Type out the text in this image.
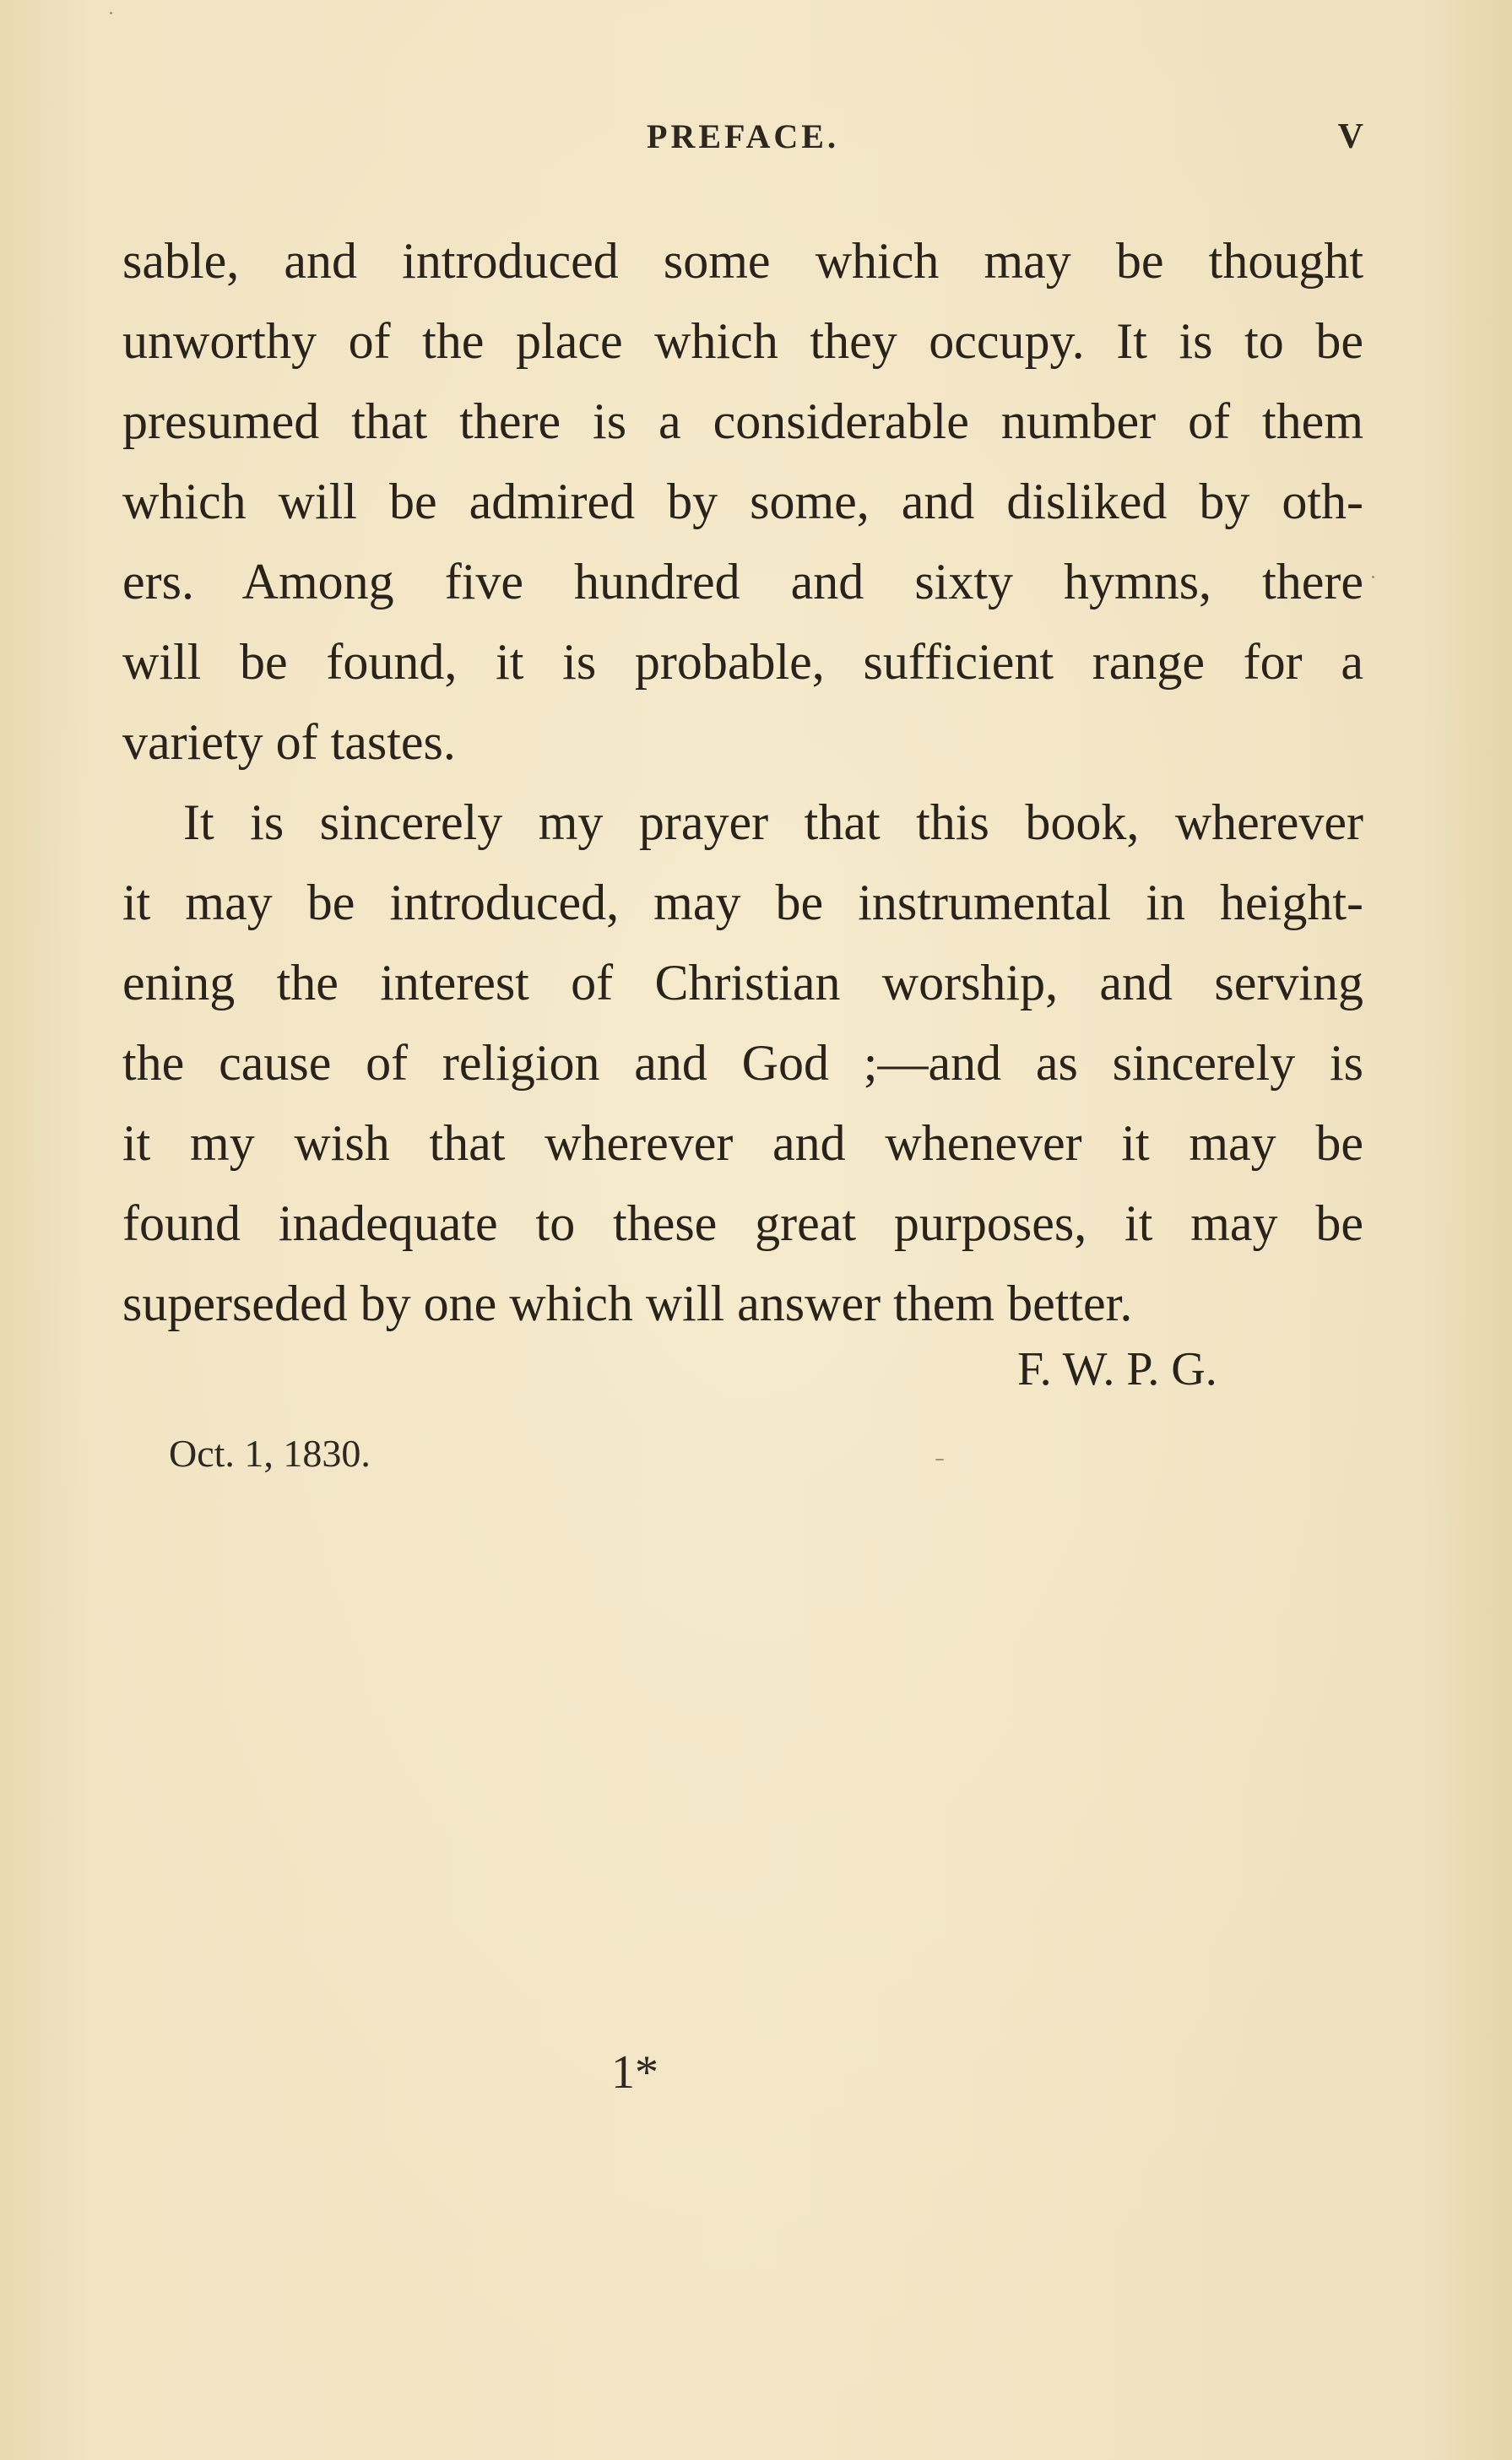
PREFACE.	V
sable, and introduced some which may be thought
unworthy of the place which they occupy. It is to be
presumed that there is a considerable number of them
which will be admired by some, and disliked by oth-
ers. Among five hundred and sixty hymns, there
will be found, it is probable, sufficient range for a
variety of tastes.
It is sincerely my prayer that this book, wherever
it may be introduced, may be instrumental in height-
ening the interest of Christian worship, and serving
the cause of religion and God ;—and as sincerely is
it my wish that wherever and whenever it may be
found inadequate to these great purposes, it may be
superseded by one which will answer them better.
F. W. P. G.
Oct. 1, 1830.
1*
